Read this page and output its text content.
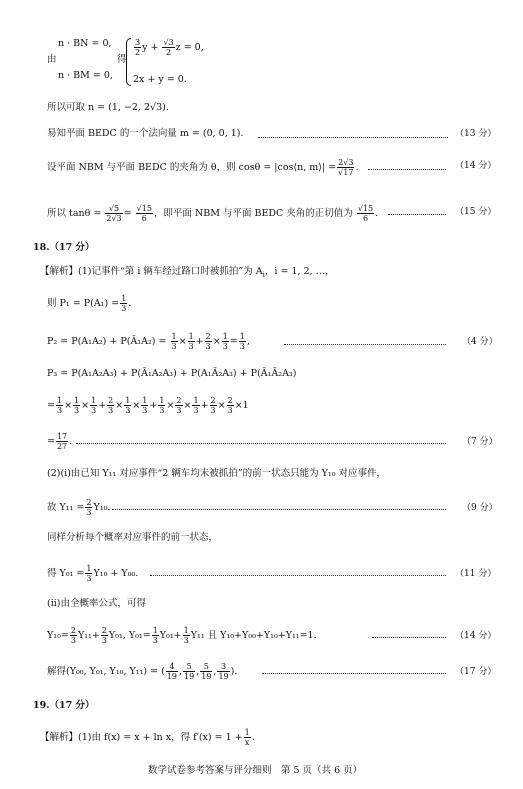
由
n · BN = 0,
n · BM = 0,
得
$\frac{3}{2}$ $y + \frac{√3}{2}$ z = 0,
2x + y = 0.
所以可取 n = (1, −2, 2√3).
易知平面 BEDC 的一个法向量 m = (0, 0, 1).	（13 分）
设平面 NBM 与平面 BEDC 的夹角为 θ，则 cosθ = |cos⟨n, m⟩| = $\frac{2√3}{√17}$ .	（14 分）
所以 $\tan\theta = \frac{√5}{2√3} = \frac{√15}{6}$ ，即平面 NBM 与平面 BEDC 夹角的正切值为 $\frac{√15}{6}$ .	（15 分）
18.（17 分）
【解析】(1)记事件“第 i 辆车经过路口时被抓拍”为 $A_i$，i = 1, 2, …，
则 $P_1 = P(A_1) = \frac{1}{3}$ .
P₂ = P(A₁A₂) + P(Ā₁A₂) = $\frac{1}{3} \times \frac{1}{3} + \frac{2}{3} \times \frac{1}{3} = \frac{1}{3}$ ,	（4 分）
P₃ = P(A₁A₂A₃) + P(Ā₁A₂A₃) + P(A₁Ā₂A₃) + P(Ā₁Ā₂A₃)
= $\frac{1}{3} \times \frac{1}{3} \times \frac{1}{3} + \frac{2}{3} \times \frac{1}{3} \times \frac{1}{3} + \frac{1}{3} \times \frac{2}{3} \times \frac{1}{3} + \frac{2}{3} \times \frac{2}{3} \times 1$
= $\frac{17}{27}$ .	（7 分）
(2)(i)由已知 Y₁₁ 对应事件“2 辆车均未被抓拍”的前一状态只能为 Y₁₀ 对应事件，
故 $Y_{11} = \frac{2}{3} Y_{10}$.	（9 分）
同样分析每个概率对应事件的前一状态，
得 $Y_{01} = \frac{1}{3} Y_{10} + Y_{00}$.	（11 分）
(ii)由全概率公式，可得
$Y_{10}= \frac{2}{3} Y_{11}+ \frac{2}{3} Y_{01}$, $Y_{01}= \frac{1}{3} Y_{01}+ \frac{1}{3} Y_{11}$ 且 Y₁₀+Y₀₀+Y₁₀+Y₁₁=1.	（14 分）
解得(Y₀₀, Y₀₁, Y₁₀, Y₁₁) = ( $\frac{4}{19}$ , $\frac{5}{19}$ , $\frac{5}{19}$ , $\frac{3}{19}$ ).	（17 分）
19.（17 分）
【解析】(1)由 f(x) = x + ln x，得 $f'(x) = 1 + \frac{1}{x}$ .
数学试卷参考答案与评分细则　第 5 页（共 6 页）
